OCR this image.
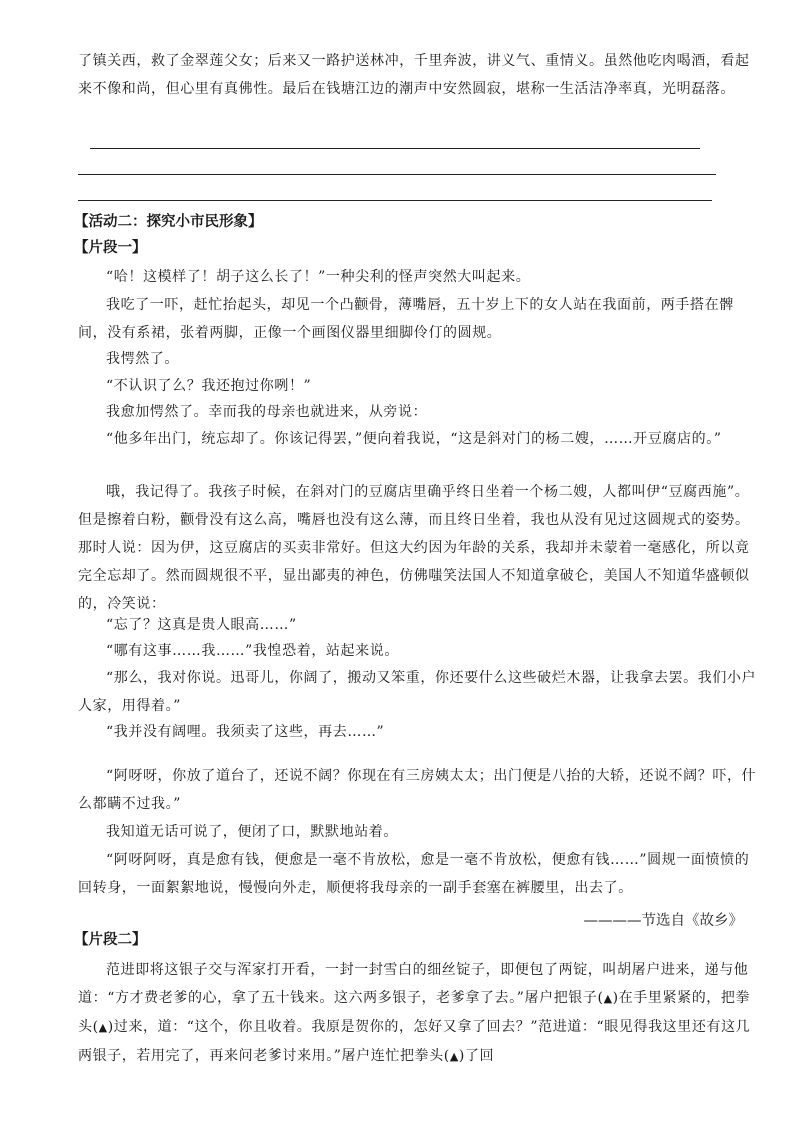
了镇关西，救了金翠莲父女；后来又一路护送林冲，千里奔波，讲义气、重情义。虽然他吃肉喝酒，看起来不像和尚，但心里有真佛性。最后在钱塘江边的潮声中安然圆寂，堪称一生活洁净率真，光明磊落。
【活动二：探究小市民形象】
【片段一】
“哈！这模样了！胡子这么长了！”一种尖利的怪声突然大叫起来。
我吃了一吓，赶忙抬起头，却见一个凸颧骨，薄嘴唇，五十岁上下的女人站在我面前，两手搭在髀间，没有系裙，张着两脚，正像一个画图仪器里细脚伶仃的圆规。
我愕然了。
“不认识了么？我还抱过你咧！”
我愈加愕然了。幸而我的母亲也就进来，从旁说：
“他多年出门，统忘却了。你该记得罢，”便向着我说，“这是斜对门的杨二嫂，……开豆腐店的。”
哦，我记得了。我孩子时候，在斜对门的豆腐店里确乎终日坐着一个杨二嫂，人都叫伊“豆腐西施”。但是擦着白粉，颧骨没有这么高，嘴唇也没有这么薄，而且终日坐着，我也从没有见过这圆规式的姿势。那时人说：因为伊，这豆腐店的买卖非常好。但这大约因为年龄的关系，我却并未蒙着一毫感化，所以竟完全忘却了。然而圆规很不平，显出鄙夷的神色，仿佛嗤笑法国人不知道拿破仑，美国人不知道华盛顿似的，冷笑说：
“忘了？这真是贵人眼高……”
“哪有这事……我……”我惶恐着，站起来说。
“那么，我对你说。迅哥儿，你阔了，搬动又笨重，你还要什么这些破烂木器，让我拿去罢。我们小户人家，用得着。”
“我并没有阔哩。我须卖了这些，再去……”
“阿呀呀，你放了道台了，还说不阔？你现在有三房姨太太；出门便是八抬的大轿，还说不阔？吓，什么都瞒不过我。”
我知道无话可说了，便闭了口，默默地站着。
“阿呀阿呀，真是愈有钱，便愈是一毫不肯放松，愈是一毫不肯放松，便愈有钱……”圆规一面愤愤的回转身，一面絮絮地说，慢慢向外走，顺便将我母亲的一副手套塞在裤腰里，出去了。
————节选自《故乡》
【片段二】
范进即将这银子交与浑家打开看，一封一封雪白的细丝锭子，即便包了两锭，叫胡屠户进来，递与他道：“方才费老爹的心，拿了五十钱来。这六两多银子，老爹拿了去。”屠户把银子(▲)在手里紧紧的，把拳头(▲)过来，道：“这个，你且收着。我原是贺你的，怎好又拿了回去？”范进道：“眼见得我这里还有这几两银子，若用完了，再来问老爹讨来用。”屠户连忙把拳头(▲)了回
